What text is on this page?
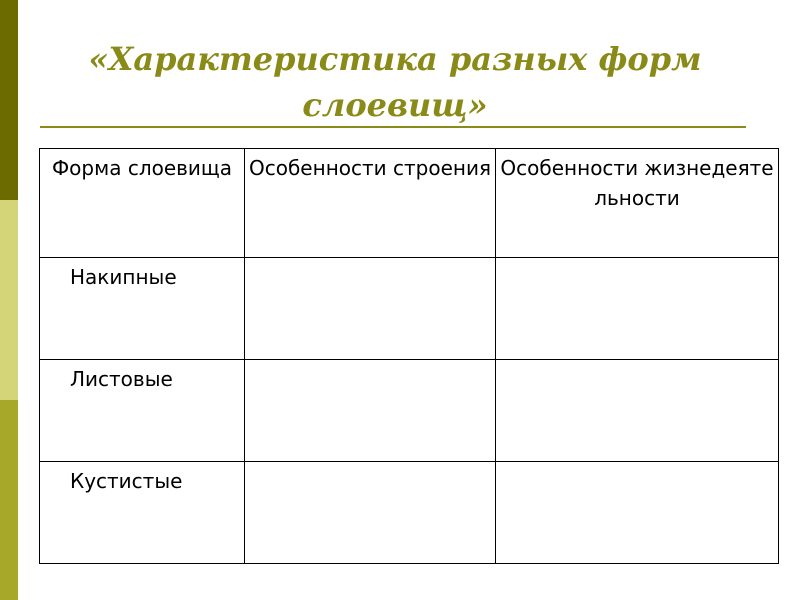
«Характеристика разных форм
слоевищ»
Форма слоевища	Особенности строения	Особенности жизнедеятельности
Накипные		
Листовые		
Кустистые		
